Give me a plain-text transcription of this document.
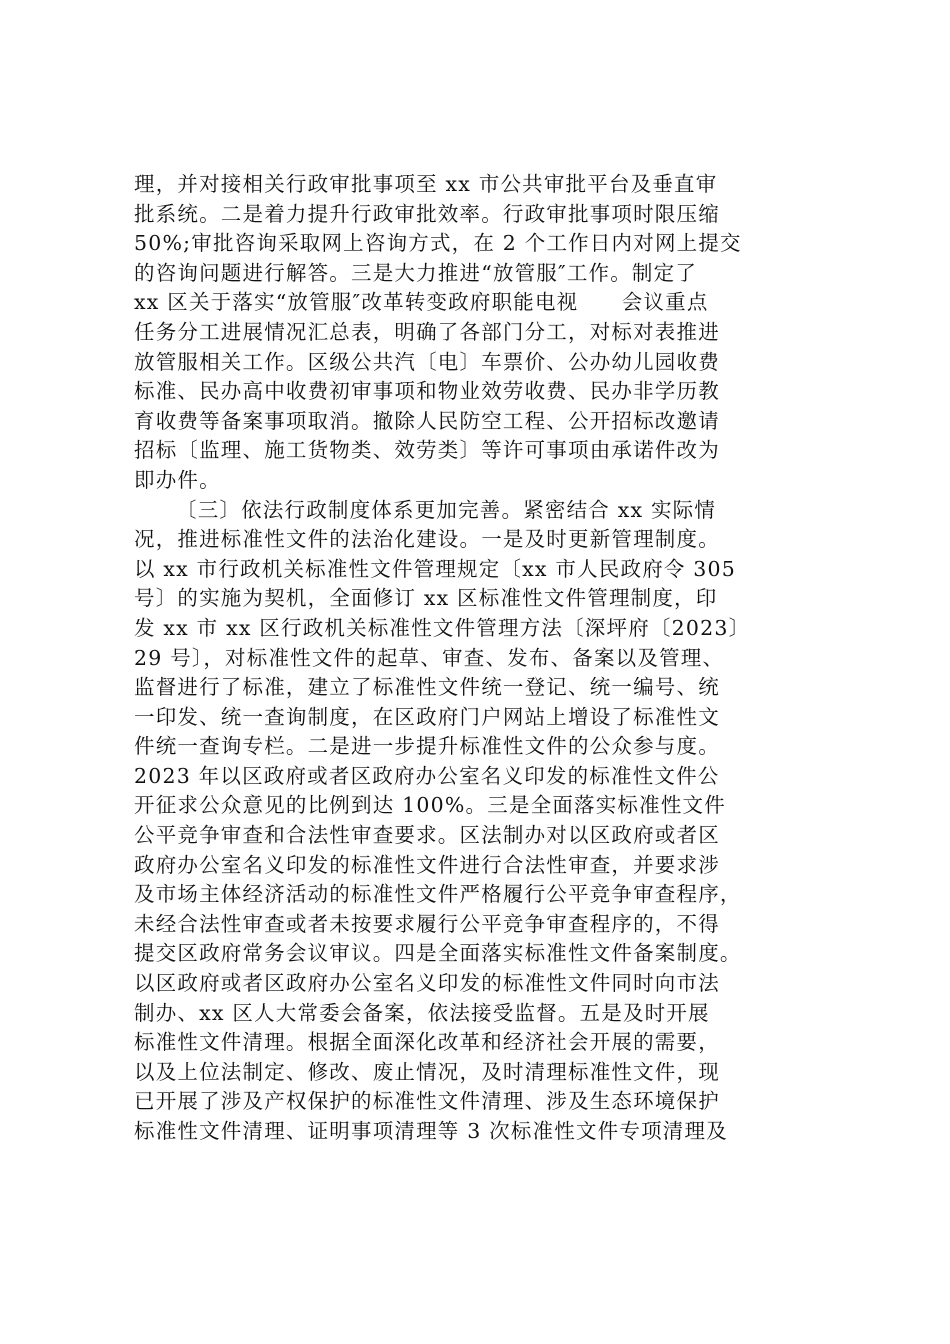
理，并对接相关行政审批事项至 xx 市公共审批平台及垂直审
批系统。二是着力提升行政审批效率。行政审批事项时限压缩
50%;审批咨询采取网上咨询方式，在 2 个工作日内对网上提交
的咨询问题进行解答。三是大力推进“放管服″工作。制定了
xx 区关于落实“放管服″改革转变政府职能电视　　会议重点
任务分工进展情况汇总表，明确了各部门分工，对标对表推进
放管服相关工作。区级公共汽〔电〕车票价、公办幼儿园收费
标准、民办高中收费初审事项和物业效劳收费、民办非学历教
育收费等备案事项取消。撤除人民防空工程、公开招标改邀请
招标〔监理、施工货物类、效劳类〕等许可事项由承诺件改为
即办件。
〔三〕依法行政制度体系更加完善。紧密结合 xx 实际情
况，推进标准性文件的法治化建设。一是及时更新管理制度。
以 xx 市行政机关标准性文件管理规定〔xx 市人民政府令 305
号〕的实施为契机，全面修订 xx 区标准性文件管理制度，印
发 xx 市 xx 区行政机关标准性文件管理方法〔深坪府〔2023〕
29 号〕，对标准性文件的起草、审查、发布、备案以及管理、
监督进行了标准，建立了标准性文件统一登记、统一编号、统
一印发、统一查询制度，在区政府门户网站上增设了标准性文
件统一查询专栏。二是进一步提升标准性文件的公众参与度。
2023 年以区政府或者区政府办公室名义印发的标准性文件公
开征求公众意见的比例到达 100%。三是全面落实标准性文件
公平竞争审查和合法性审查要求。区法制办对以区政府或者区
政府办公室名义印发的标准性文件进行合法性审查，并要求涉
及市场主体经济活动的标准性文件严格履行公平竞争审查程序，
未经合法性审查或者未按要求履行公平竞争审查程序的，不得
提交区政府常务会议审议。四是全面落实标准性文件备案制度。
以区政府或者区政府办公室名义印发的标准性文件同时向市法
制办、xx 区人大常委会备案，依法接受监督。五是及时开展
标准性文件清理。根据全面深化改革和经济社会开展的需要，
以及上位法制定、修改、废止情况，及时清理标准性文件，现
已开展了涉及产权保护的标准性文件清理、涉及生态环境保护
标准性文件清理、证明事项清理等 3 次标准性文件专项清理及
